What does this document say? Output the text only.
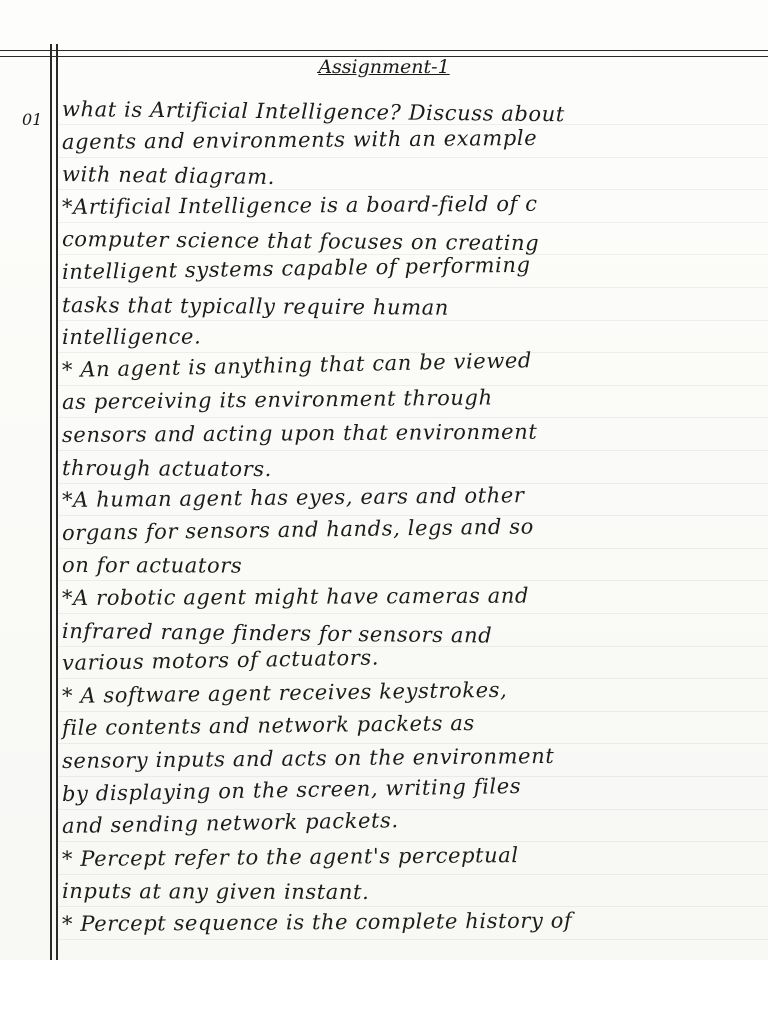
Assignment-1
01 what is Artificial Intelligence? Discuss about
agents and environments with an example
with neat diagram.
*Artificial Intelligence is a board-field of c
computer science that focuses on creating
intelligent systems capable of performing
tasks that typically require human
intelligence.
* An agent is anything that can be viewed
as perceiving its environment through
sensors and acting upon that environment
through actuators.
*A human agent has eyes, ears and other
organs for sensors and hands, legs and so
on for actuators
*A robotic agent might have cameras and
infrared range finders for sensors and
various motors of actuators.
* A software agent receives keystrokes,
file contents and network packets as
sensory inputs and acts on the environment
by displaying on the screen, writing files
and sending network packets.
* Percept refer to the agent's perceptual
inputs at any given instant.
* Percept sequence is the complete history of
